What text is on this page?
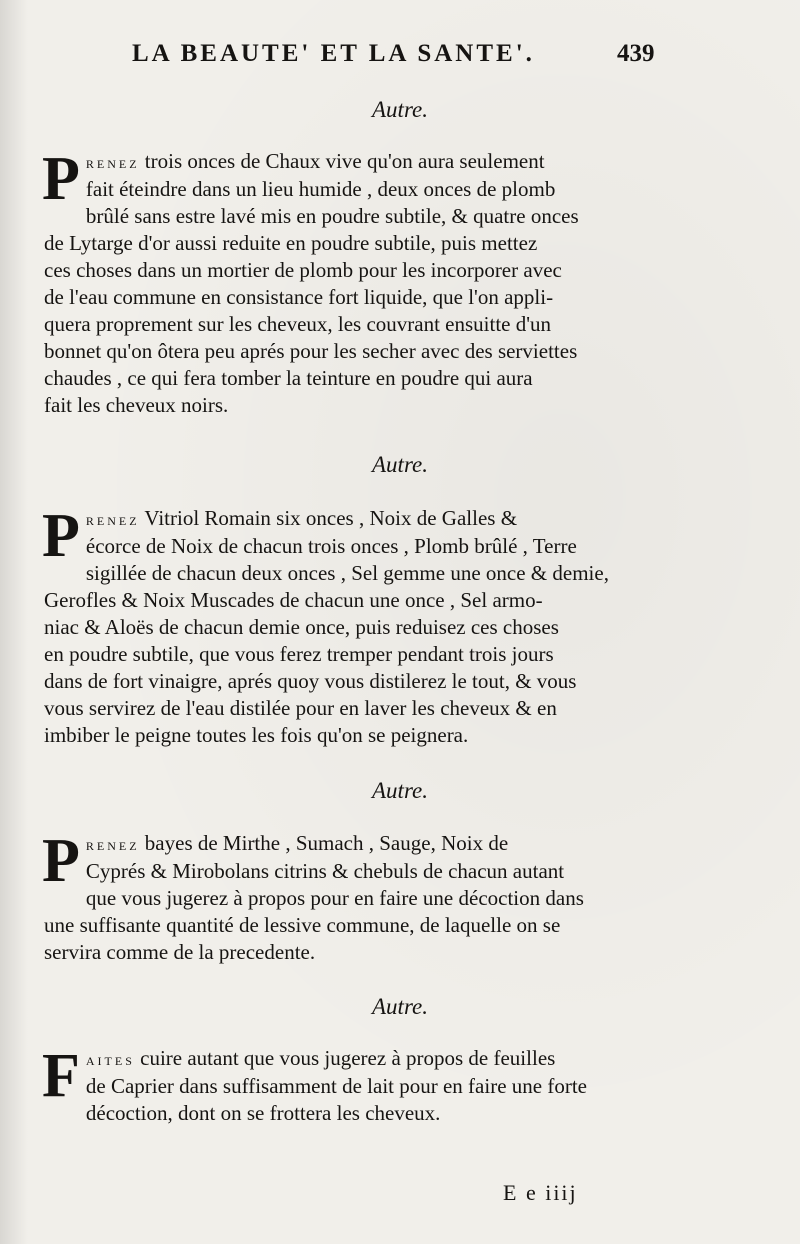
LA BEAUTE' ET LA SANTE'.	439
Autre.
P renez trois onces de Chaux vive qu'on aura seulement
fait éteindre dans un lieu humide , deux onces de plomb
brûlé sans estre lavé mis en poudre subtile, & quatre onces
de Lytarge d'or aussi reduite en poudre subtile, puis mettez
ces choses dans un mortier de plomb pour les incorporer avec
de l'eau commune en consistance fort liquide, que l'on appli-
quera proprement sur les cheveux, les couvrant ensuitte d'un
bonnet qu'on ôtera peu aprés pour les secher avec des serviettes
chaudes , ce qui fera tomber la teinture en poudre qui aura
fait les cheveux noirs.
Autre.
P renez Vitriol Romain six onces , Noix de Galles &
écorce de Noix de chacun trois onces , Plomb brûlé , Terre
sigillée de chacun deux onces , Sel gemme une once & demie,
Gerofles & Noix Muscades de chacun une once , Sel armo-
niac & Aloës de chacun demie once, puis reduisez ces choses
en poudre subtile, que vous ferez tremper pendant trois jours
dans de fort vinaigre, aprés quoy vous distilerez le tout, & vous
vous servirez de l'eau distilée pour en laver les cheveux & en
imbiber le peigne toutes les fois qu'on se peignera.
Autre.
P renez bayes de Mirthe , Sumach , Sauge, Noix de
Cyprés & Mirobolans citrins & chebuls de chacun autant
que vous jugerez à propos pour en faire une décoction dans
une suffisante quantité de lessive commune, de laquelle on se
servira comme de la precedente.
Autre.
F aites cuire autant que vous jugerez à propos de feuilles
de Caprier dans suffisamment de lait pour en faire une forte
décoction, dont on se frottera les cheveux.
E e iiij
